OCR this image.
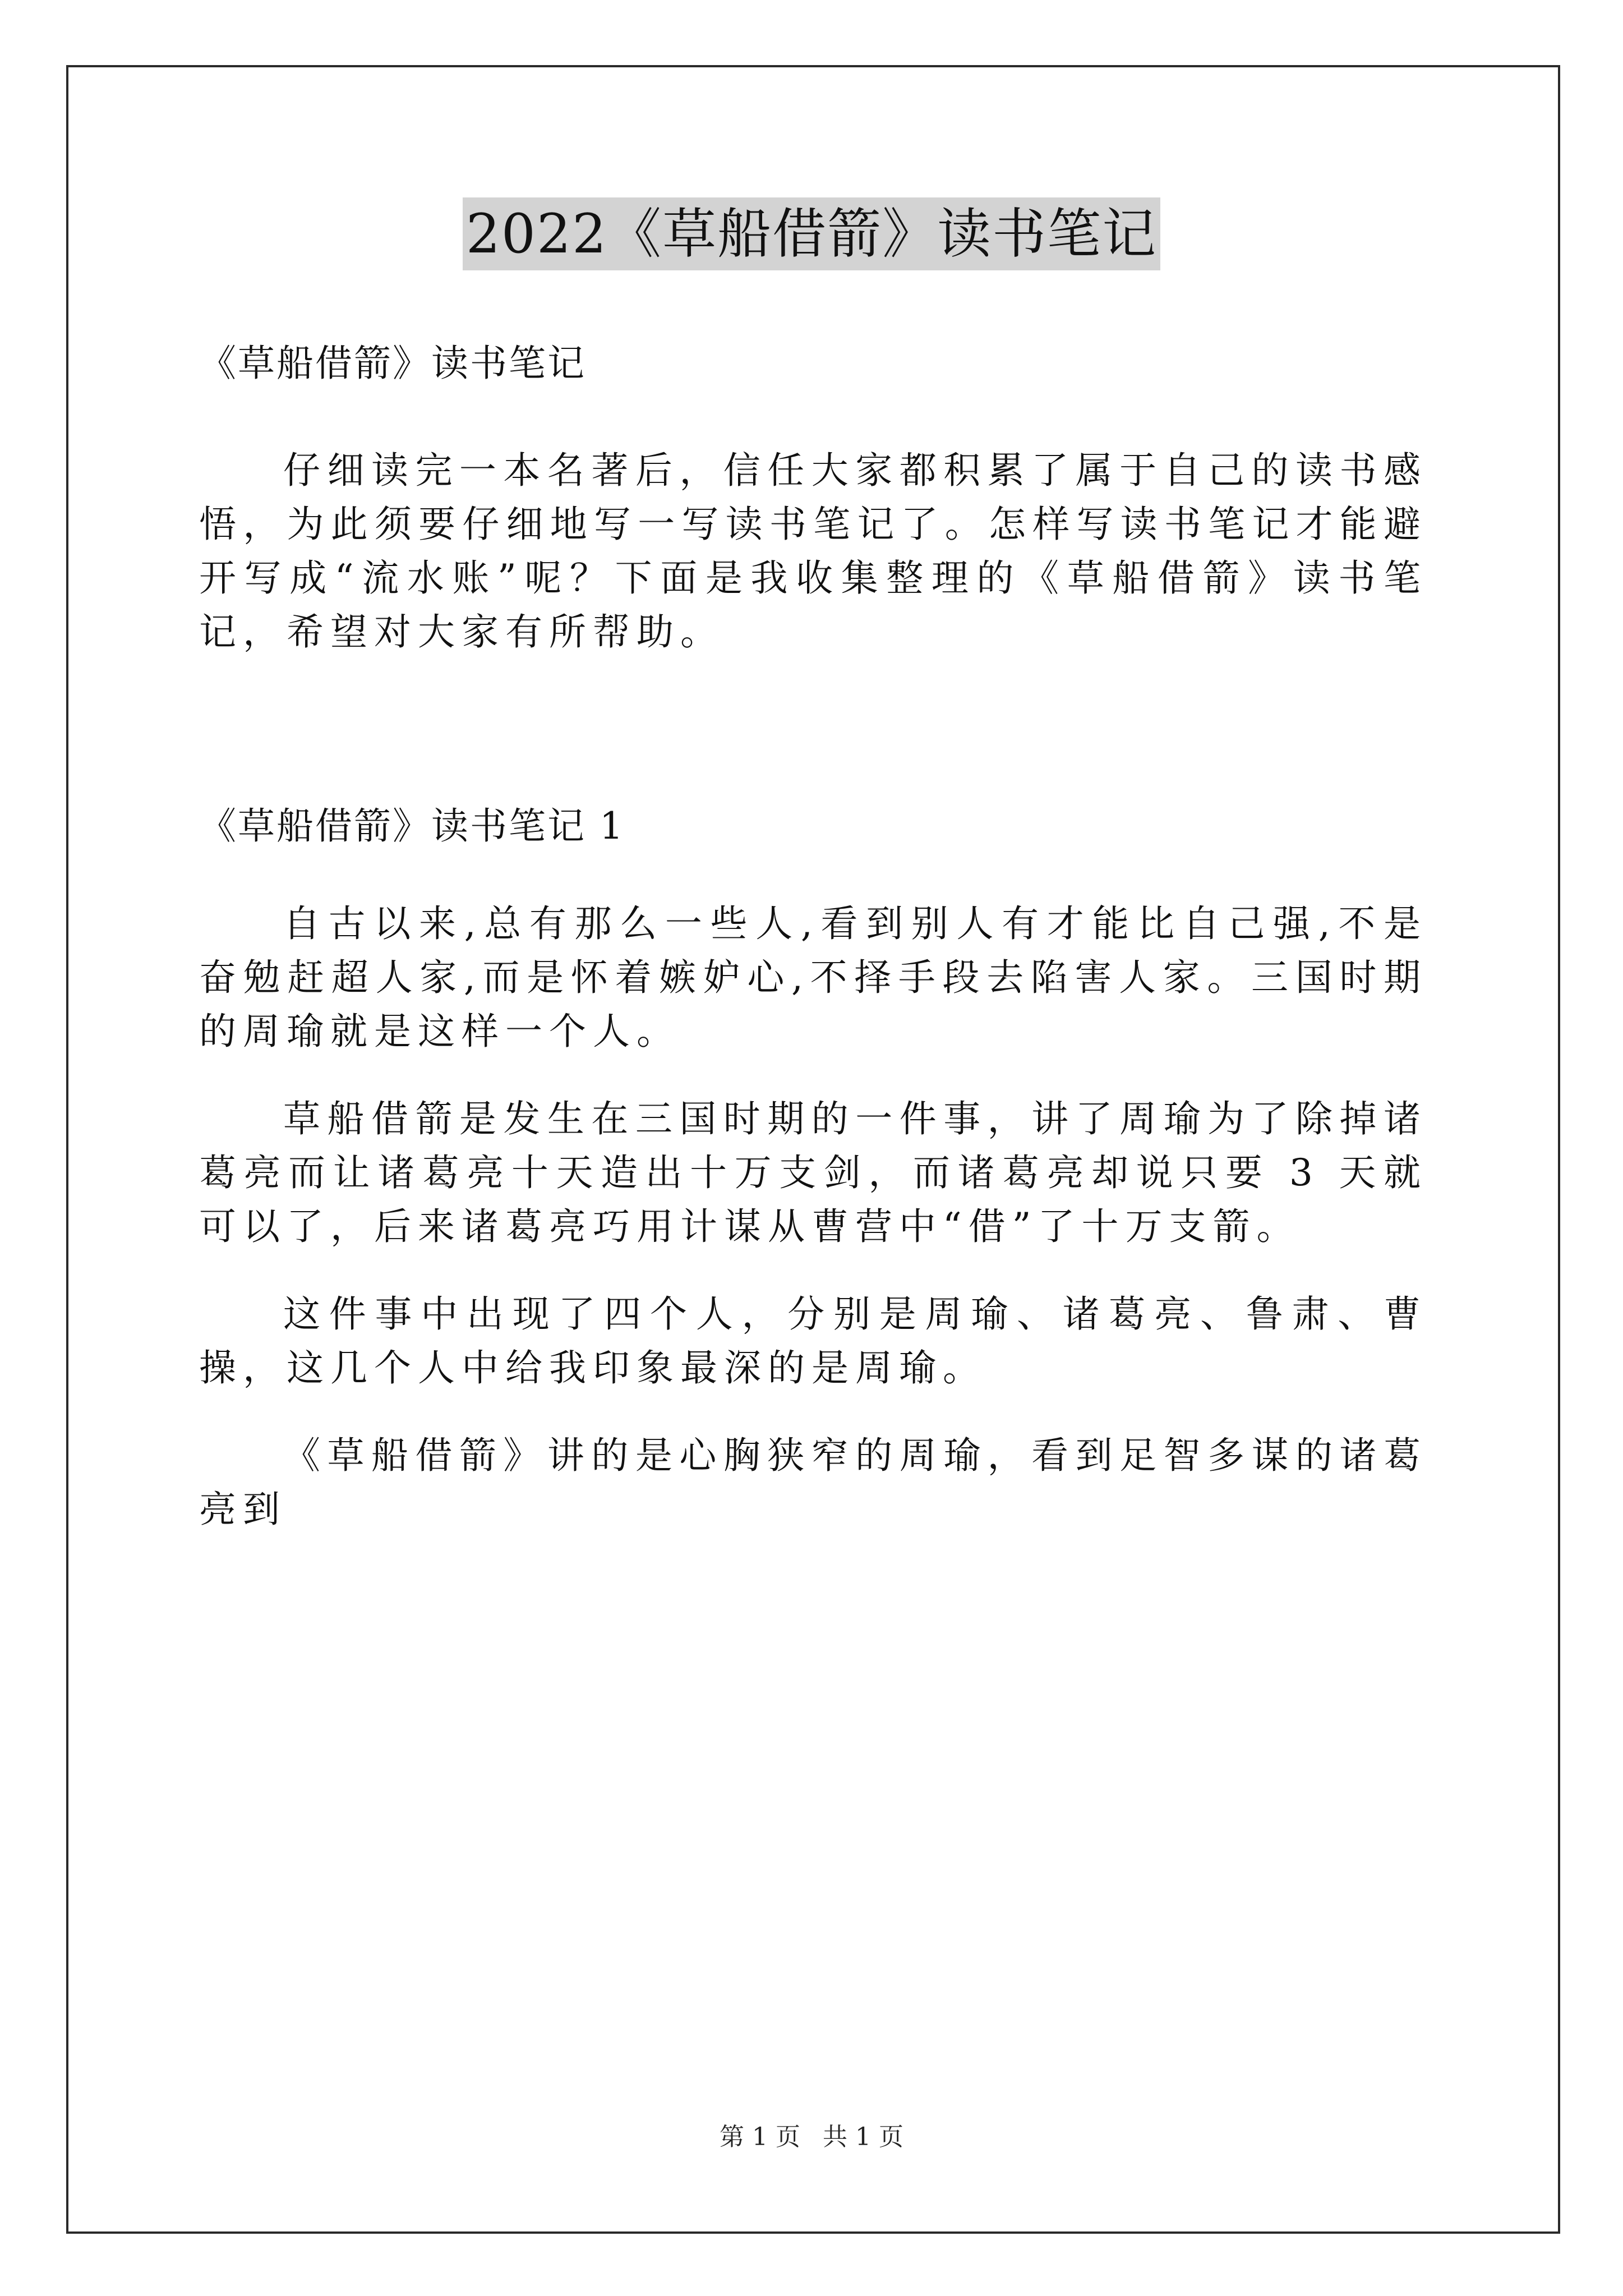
2022《草船借箭》读书笔记

《草船借箭》读书笔记

仔细读完一本名著后，信任大家都积累了属于自己的读书感悟，为此须要仔细地写一写读书笔记了。怎样写读书笔记才能避开写成“流水账”呢？下面是我收集整理的《草船借箭》读书笔记，希望对大家有所帮助。

《草船借箭》读书笔记 1

自古以来,总有那么一些人,看到别人有才能比自己强,不是奋勉赶超人家,而是怀着嫉妒心,不择手段去陷害人家。三国时期的周瑜就是这样一个人。

草船借箭是发生在三国时期的一件事，讲了周瑜为了除掉诸葛亮而让诸葛亮十天造出十万支剑，而诸葛亮却说只要 3 天就可以了，后来诸葛亮巧用计谋从曹营中“借”了十万支箭。

这件事中出现了四个人，分别是周瑜、诸葛亮、鲁肃、曹操，这几个人中给我印象最深的是周瑜。

《草船借箭》讲的是心胸狭窄的周瑜，看到足智多谋的诸葛亮到

第 1 页 共 1 页
